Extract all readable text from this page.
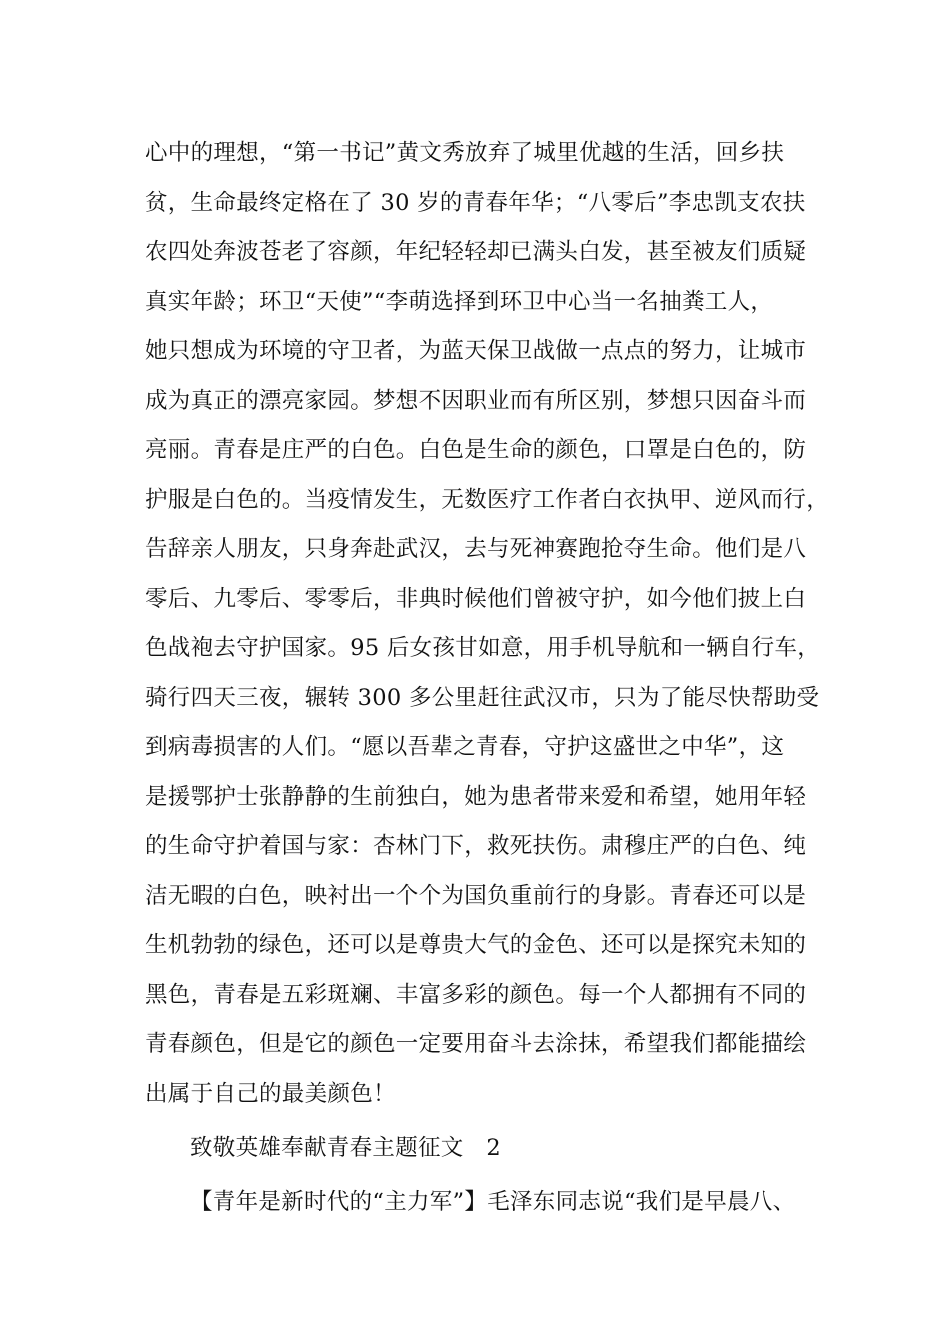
心中的理想，“第一书记”黄文秀放弃了城里优越的生活，回乡扶
贫，生命最终定格在了 30 岁的青春年华；“八零后”李忠凯支农扶
农四处奔波苍老了容颜，年纪轻轻却已满头白发，甚至被友们质疑
真实年龄；环卫“天使”“李萌选择到环卫中心当一名抽粪工人，
她只想成为环境的守卫者，为蓝天保卫战做一点点的努力，让城市
成为真正的漂亮家园。梦想不因职业而有所区别，梦想只因奋斗而
亮丽。青春是庄严的白色。白色是生命的颜色，口罩是白色的，防
护服是白色的。当疫情发生，无数医疗工作者白衣执甲、逆风而行，
告辞亲人朋友，只身奔赴武汉，去与死神赛跑抢夺生命。他们是八
零后、九零后、零零后，非典时候他们曾被守护，如今他们披上白
色战袍去守护国家。95 后女孩甘如意，用手机导航和一辆自行车，
骑行四天三夜，辗转 300 多公里赶往武汉市，只为了能尽快帮助受
到病毒损害的人们。“愿以吾辈之青春，守护这盛世之中华”，这
是援鄂护士张静静的生前独白，她为患者带来爱和希望，她用年轻
的生命守护着国与家：杏林门下，救死扶伤。肃穆庄严的白色、纯
洁无暇的白色，映衬出一个个为国负重前行的身影。青春还可以是
生机勃勃的绿色，还可以是尊贵大气的金色、还可以是探究未知的
黑色，青春是五彩斑斓、丰富多彩的颜色。每一个人都拥有不同的
青春颜色，但是它的颜色一定要用奋斗去涂抹，希望我们都能描绘
出属于自己的最美颜色！
致敬英雄奉献青春主题征文　2
【青年是新时代的“主力军”】毛泽东同志说“我们是早晨八、
